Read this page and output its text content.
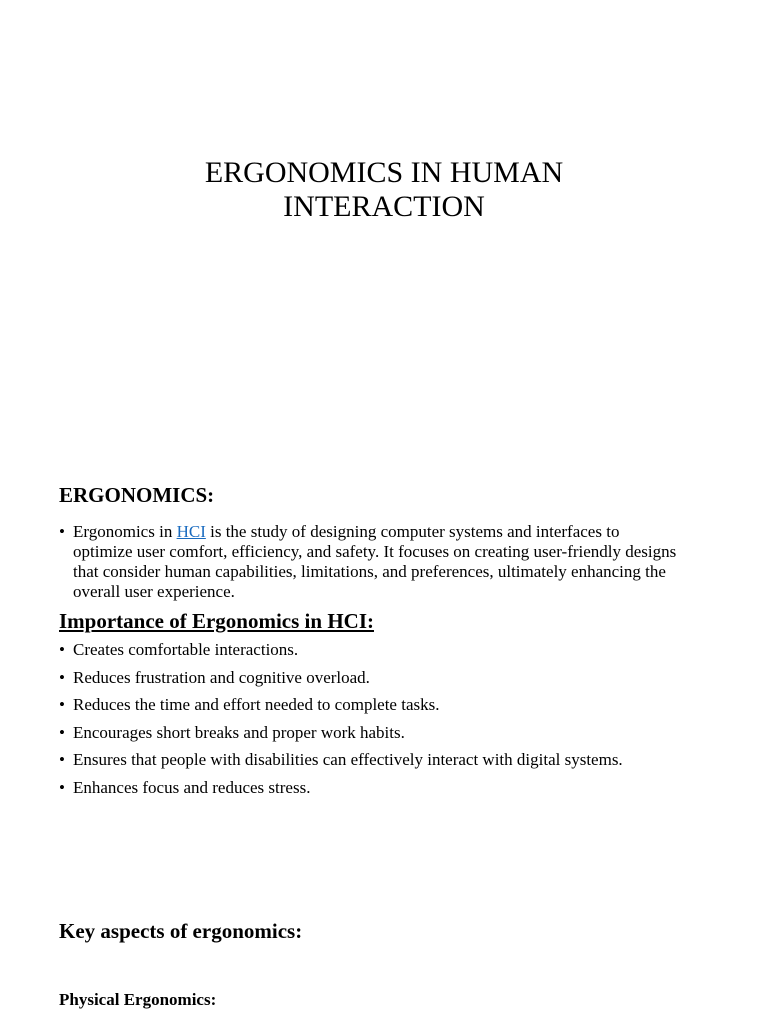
ERGONOMICS IN HUMAN
INTERACTION
ERGONOMICS:
• Ergonomics in HCI is the study of designing computer systems and interfaces to optimize user comfort, efficiency, and safety. It focuses on creating user-friendly designs that consider human capabilities, limitations, and preferences, ultimately enhancing the overall user experience.
Importance of Ergonomics in HCI:
• Creates comfortable interactions.
• Reduces frustration and cognitive overload.
• Reduces the time and effort needed to complete tasks.
• Encourages short breaks and proper work habits.
• Ensures that people with disabilities can effectively interact with digital systems.
• Enhances focus and reduces stress.
Key aspects of ergonomics:
Physical Ergonomics:
